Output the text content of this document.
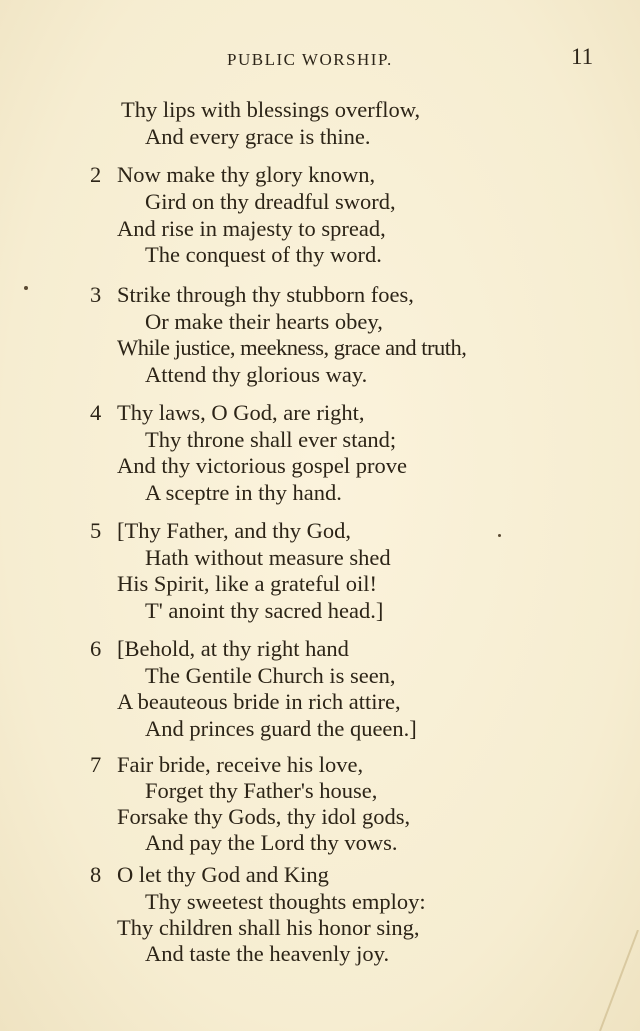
PUBLIC WORSHIP.	11
Thy lips with blessings overflow,
And every grace is thine.
2 Now make thy glory known,
Gird on thy dreadful sword,
And rise in majesty to spread,
The conquest of thy word.
3 Strike through thy stubborn foes,
Or make their hearts obey,
While justice, meekness, grace and truth,
Attend thy glorious way.
4 Thy laws, O God, are right,
Thy throne shall ever stand;
And thy victorious gospel prove
A sceptre in thy hand.
5 [Thy Father, and thy God,
Hath without measure shed
His Spirit, like a grateful oil!
T' anoint thy sacred head.]
6 [Behold, at thy right hand
The Gentile Church is seen,
A beauteous bride in rich attire,
And princes guard the queen.]
7 Fair bride, receive his love,
Forget thy Father's house,
Forsake thy Gods, thy idol gods,
And pay the Lord thy vows.
8 O let thy God and King
Thy sweetest thoughts employ:
Thy children shall his honor sing,
And taste the heavenly joy.
